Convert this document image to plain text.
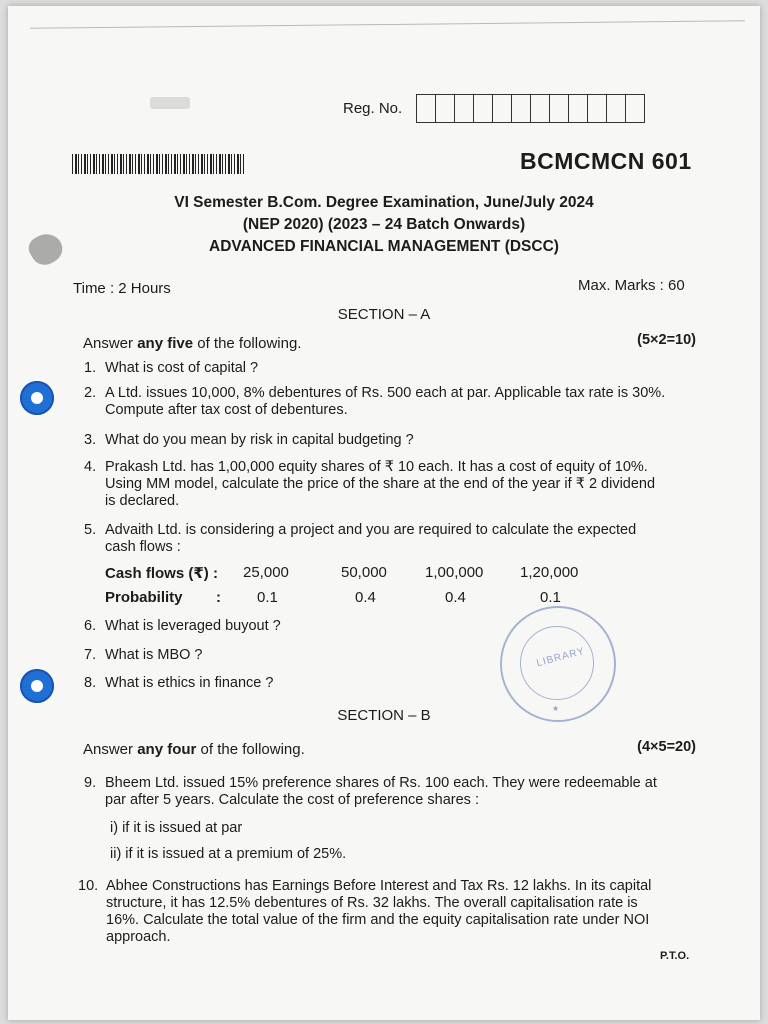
Reg. No.
BCMCMCN 601
VI Semester B.Com. Degree Examination, June/July 2024
(NEP 2020) (2023 – 24 Batch Onwards)
ADVANCED FINANCIAL MANAGEMENT (DSCC)
Time : 2 Hours	Max. Marks : 60
SECTION – A
Answer any five of the following.	(5×2=10)
1. What is cost of capital ?
2. A Ltd. issues 10,000, 8% debentures of Rs. 500 each at par. Applicable tax rate is 30%. Compute after tax cost of debentures.
3. What do you mean by risk in capital budgeting ?
4. Prakash Ltd. has 1,00,000 equity shares of ₹ 10 each. It has a cost of equity of 10%. Using MM model, calculate the price of the share at the end of the year if ₹ 2 dividend is declared.
5. Advaith Ltd. is considering a project and you are required to calculate the expected cash flows :
Cash flows (₹) : 25,000	50,000	1,00,000 1,20,000
Probability : 0.1	0.4	0.4	0.1
6. What is leveraged buyout ?
7. What is MBO ?
8. What is ethics in finance ?
LIBRARY
★
SECTION – B
Answer any four of the following.	(4×5=20)
9. Bheem Ltd. issued 15% preference shares of Rs. 100 each. They were redeemable at par after 5 years. Calculate the cost of preference shares :
i) if it is issued at par
ii) if it is issued at a premium of 25%.
10. Abhee Constructions has Earnings Before Interest and Tax Rs. 12 lakhs. In its capital structure, it has 12.5% debentures of Rs. 32 lakhs. The overall capitalisation rate is 16%. Calculate the total value of the firm and the equity capitalisation rate under NOI approach.
P.T.O.
